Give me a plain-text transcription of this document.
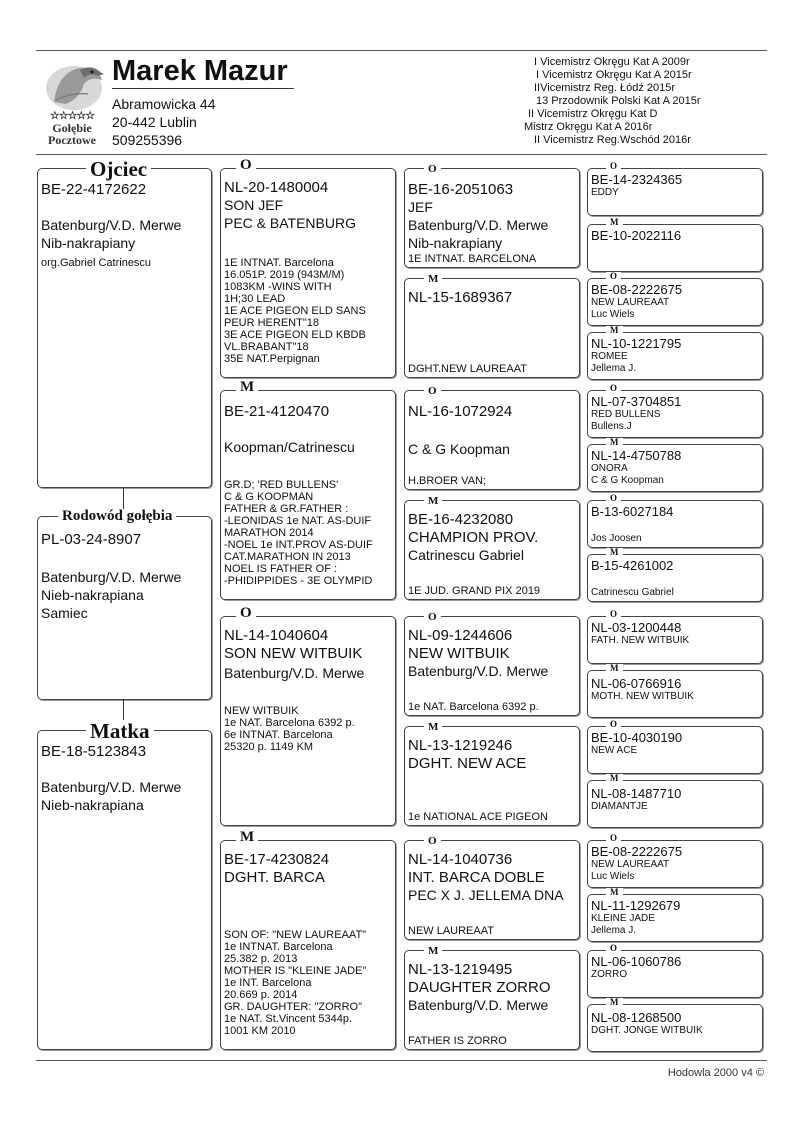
☆☆☆☆☆
Gołębie
Pocztowe
Marek Mazur
Abramowicka 44
20-442 Lublin
509255396
I Vicemistrz Okręgu Kat A 2009r
I Vicemistrz Okręgu Kat A 2015r
IIVicemistrz Reg. Łódź 2015r
13 Przodownik Polski Kat A 2015r
II Vicemistrz Okręgu Kat D
Mistrz Okręgu Kat A 2016r
II Vicemistrz Reg.Wschód 2016r
BE-22-4172622
Batenburg/V.D. Merwe
Nib-nakrapiany
org.Gabriel Catrinescu
Ojciec
PL-03-24-8907
Batenburg/V.D. Merwe
Nieb-nakrapiana
Samiec
Rodowód gołębia
BE-18-5123843
Batenburg/V.D. Merwe
Nieb-nakrapiana
Matka
NL-20-1480004
SON JEF
PEC & BATENBURG
1E INTNAT. Barcelona
16.051P. 2019 (943M/M)
1083KM -WINS WITH
1H;30 LEAD
1E ACE PIGEON ELD SANS
PEUR HERENT"18
3E ACE PIGEON ELD KBDB
VL.BRABANT"18
35E NAT.Perpignan
O
BE-21-4120470
Koopman/Catrinescu
GR.D; 'RED BULLENS'
C & G KOOPMAN
FATHER & GR.FATHER :
-LEONIDAS 1e NAT. AS-DUIF
MARATHON 2014
-NOEL 1e INT.PROV AS-DUIF
CAT.MARATHON IN 2013
NOEL IS FATHER OF :
-PHIDIPPIDES - 3E OLYMPID
M
NL-14-1040604
SON NEW WITBUIK
Batenburg/V.D. Merwe
NEW WITBUIK
1e NAT. Barcelona 6392 p.
6e INTNAT. Barcelona
25320 p. 1149 KM
O
BE-17-4230824
DGHT. BARCA
SON OF: "NEW LAUREAAT"
1e INTNAT. Barcelona
25.382 p. 2013
MOTHER IS "KLEINE JADE"
1e INT. Barcelona
20.669 p. 2014
GR. DAUGHTER: "ZORRO"
1e NAT. St.Vincent 5344p.
1001 KM 2010
M
BE-16-2051063
JEF
Batenburg/V.D. Merwe
Nib-nakrapiany
1E INTNAT. BARCELONA
O
NL-15-1689367
DGHT.NEW LAUREAAT
M
NL-16-1072924
C & G Koopman
H.BROER VAN;
O
BE-16-4232080
CHAMPION PROV.
Catrinescu Gabriel
1E JUD. GRAND PIX 2019
M
NL-09-1244606
NEW WITBUIK
Batenburg/V.D. Merwe
1e NAT. Barcelona 6392 p.
O
NL-13-1219246
DGHT. NEW ACE
1e NATIONAL ACE PIGEON
M
NL-14-1040736
INT. BARCA DOBLE
PEC X J. JELLEMA DNA
NEW LAUREAAT
O
NL-13-1219495
DAUGHTER ZORRO
Batenburg/V.D. Merwe
FATHER IS ZORRO
M
BE-14-2324365
EDDY
O
BE-10-2022116
M
BE-08-2222675
NEW LAUREAAT
Luc Wiels
O
NL-10-1221795
ROMEE
Jellema J.
M
NL-07-3704851
RED BULLENS
Bullens.J
O
NL-14-4750788
ONORA
C & G Koopman
M
B-13-6027184
Jos Joosen
O
B-15-4261002
Catrinescu Gabriel
M
NL-03-1200448
FATH. NEW WITBUIK
O
NL-06-0766916
MOTH. NEW WITBUIK
M
BE-10-4030190
NEW ACE
O
NL-08-1487710
DIAMANTJE
M
BE-08-2222675
NEW LAUREAAT
Luc Wiels
O
NL-11-1292679
KLEINE JADE
Jellema J.
M
NL-06-1060786
ZORRO
O
NL-08-1268500
DGHT. JONGE WITBUIK
M
Hodowla 2000 v4 ©
